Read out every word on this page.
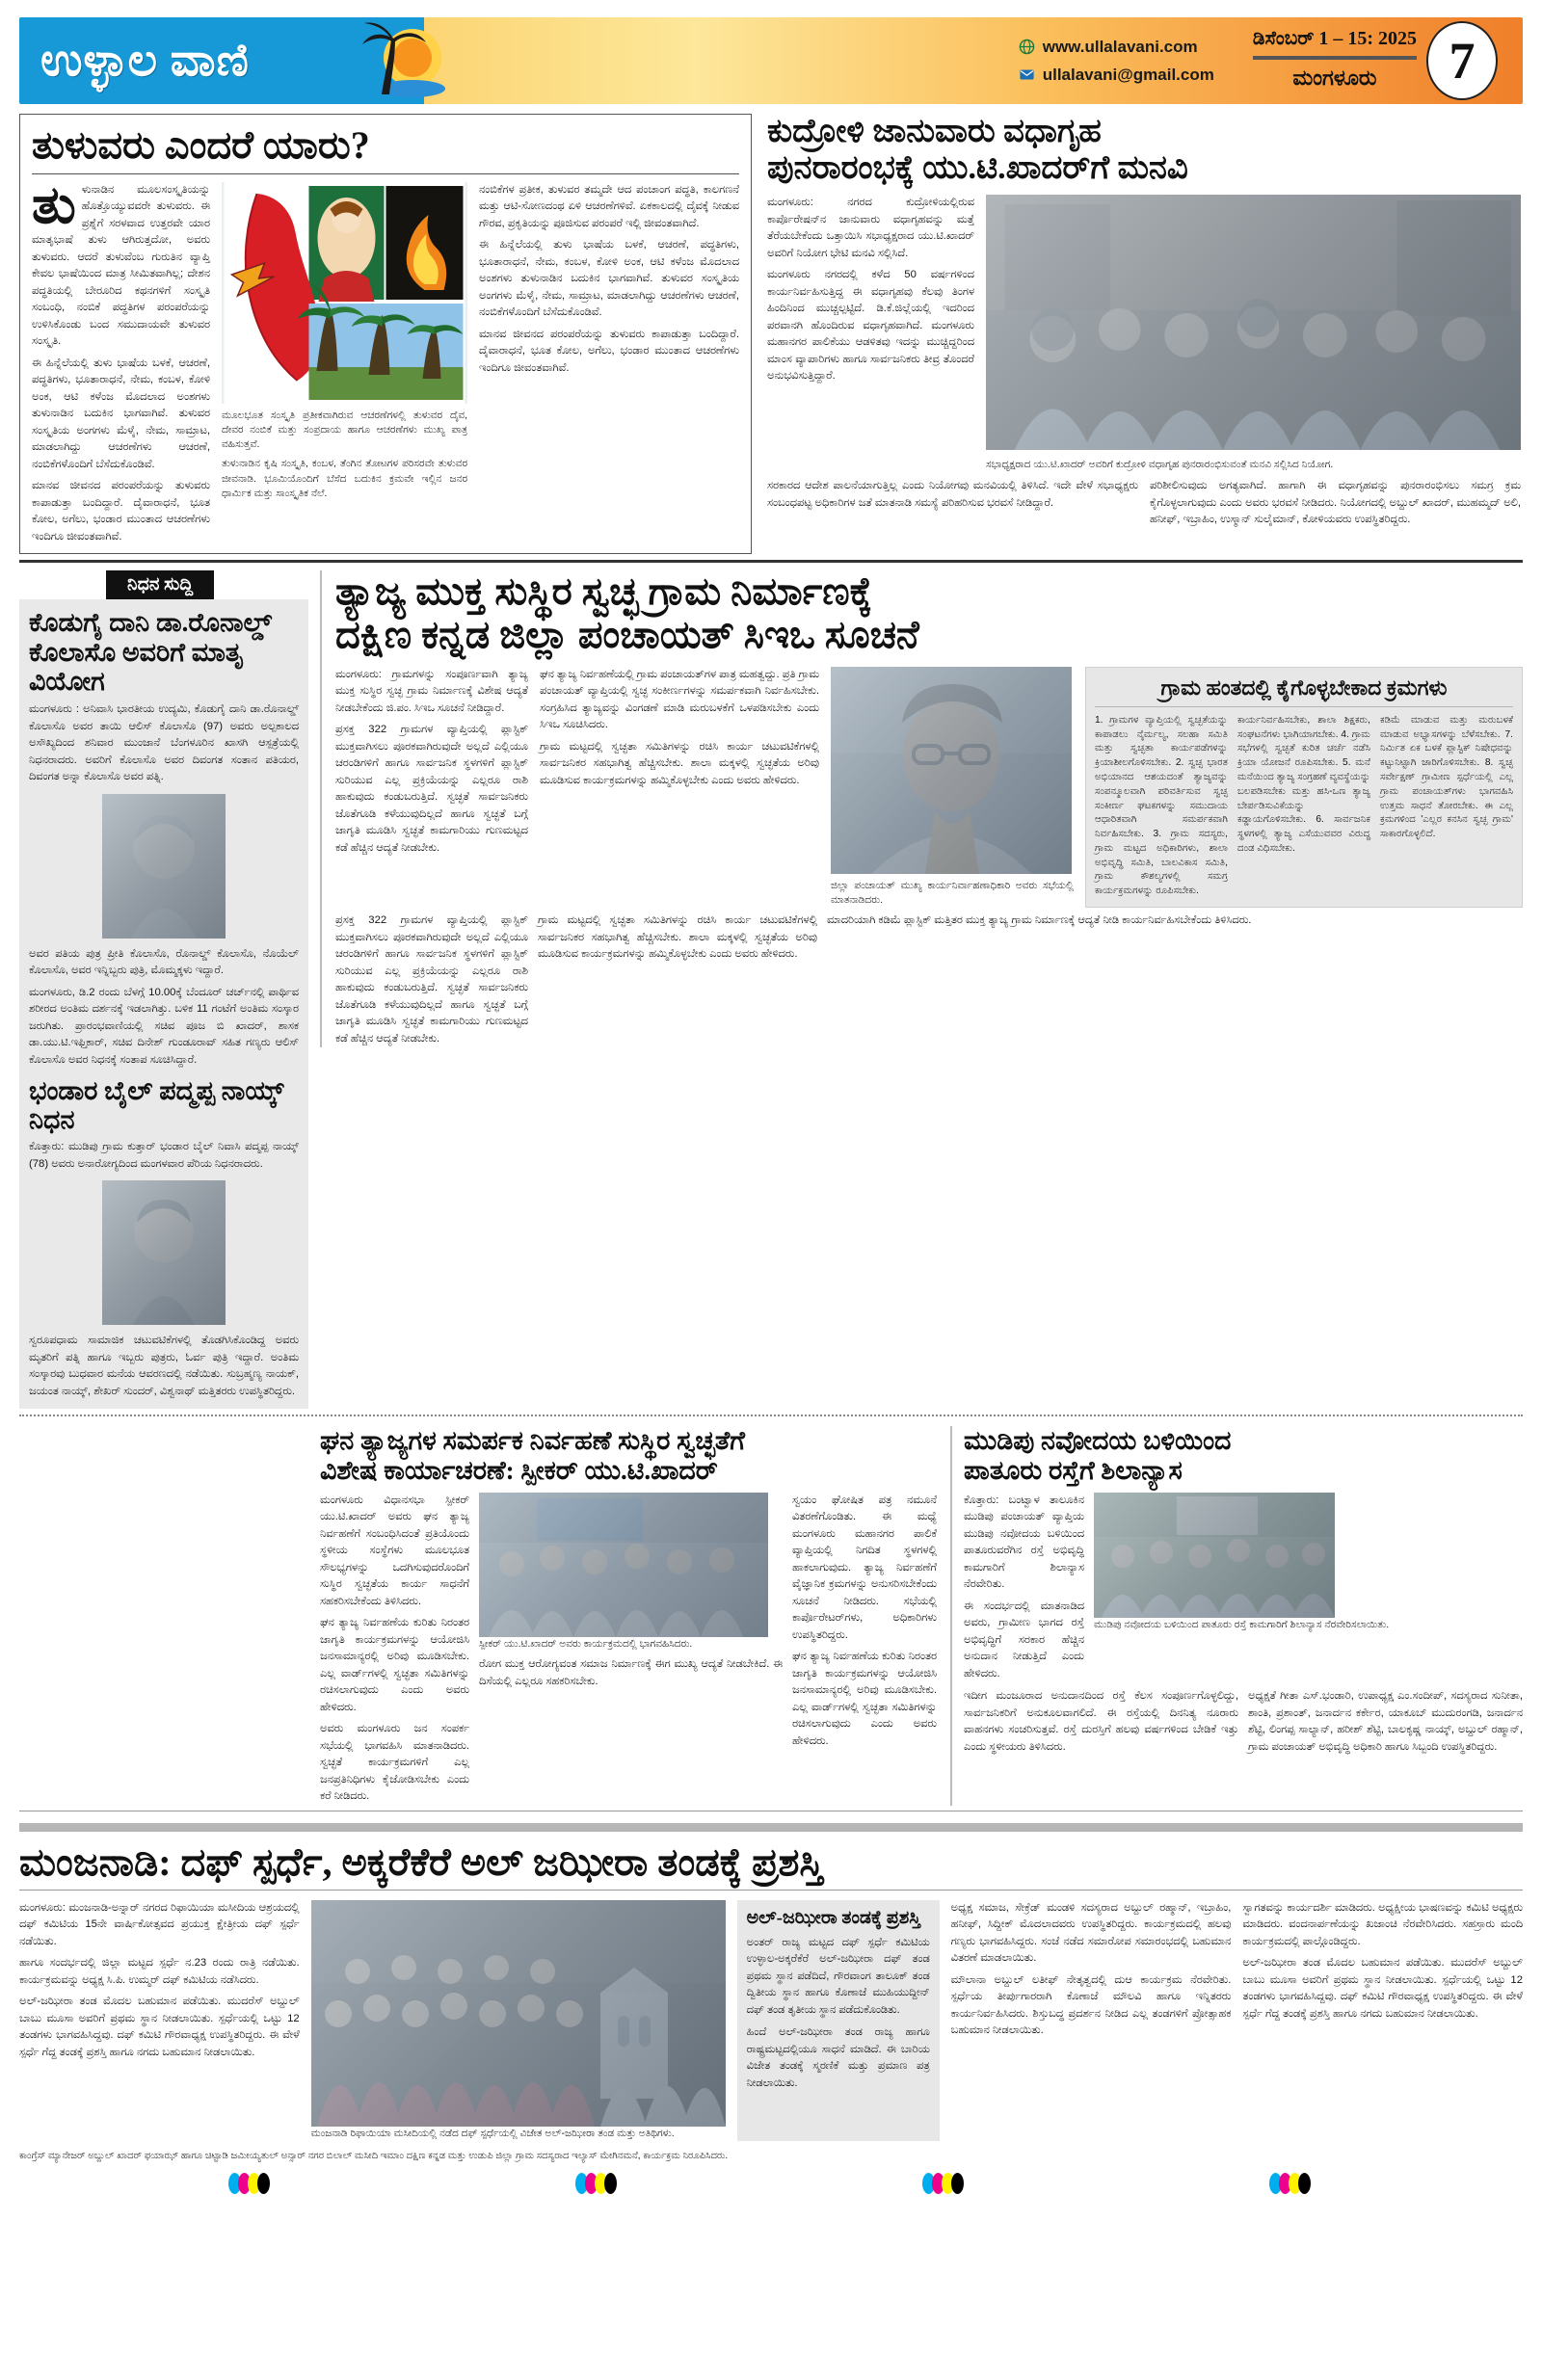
ಉಳ್ಳಾಲ ವಾಣಿ	www.ullalavani.com
ullalavani@gmail.com
ಡಿಸೆಂಬರ್ 1 – 15: 2025
ಮಂಗಳೂರು	7
ತುಳುವರು ಎಂದರೆ ಯಾರು?
ತುಳುನಾಡಿನ ಮೂಲಸಂಸ್ಕೃತಿಯನ್ನು ಹೊತ್ತೊಯ್ಯುವವರೇ ತುಳುವರು. ಈ ಪ್ರಶ್ನೆಗೆ ಸರಳವಾದ ಉತ್ತರವೇ ಯಾರ ಮಾತೃಭಾಷೆ ತುಳು ಆಗಿರುತ್ತದೋ, ಅವರು ತುಳುವರು. ಆದರೆ ತುಳುವೆಂಬ ಗುರುತಿನ ವ್ಯಾಪ್ತಿ ಕೇವಲ ಭಾಷೆಯಿಂದ ಮಾತ್ರ ಸೀಮಿತವಾಗಿಲ್ಲ; ದೇಶನ ಪದ್ಧತಿಯಲ್ಲಿ ಬೇರೂರಿದ ಕಥನಗಳಿಗೆ ಸಂಸ್ಕೃತಿ ಸಂಬಂಧಿ, ನಂಬಿಕೆ ಪದ್ಧತಿಗಳ ಪರಂಪರೆಯನ್ನು ಉಳಿಸಿಕೊಂಡು ಬಂದ ಸಮುದಾಯವೇ ತುಳುವರ ಸಂಸ್ಕೃತಿ.
ಈ ಹಿನ್ನೆಲೆಯಲ್ಲಿ ತುಳು ಭಾಷೆಯ ಬಳಕೆ, ಆಚರಣೆ, ಪದ್ಧತಿಗಳು, ಭೂತಾರಾಧನೆ, ನೇಮ, ಕಂಬಳ, ಕೋಳಿ ಅಂಕ, ಆಟಿ ಕಳೆಂಜ ಮೊದಲಾದ ಅಂಶಗಳು ತುಳುನಾಡಿನ ಬದುಕಿನ ಭಾಗವಾಗಿವೆ. ತುಳುವರ ಸಂಸ್ಕೃತಿಯ ಅಂಗಗಳು ಮೆಳೈ, ನೇಮ, ಸಾಮ್ರಾಟ, ಮಾಡಲಾಗಿದ್ದು ಆಚರಣೆಗಳು ಆಚರಣೆ, ನಂಬಿಕೆಗಳೊಂದಿಗೆ ಬೆಸೆದುಕೊಂಡಿವೆ.
ಮಾನವ ಜೀವನದ ಪರಂಪರೆಯನ್ನು ತುಳುವರು ಕಾಪಾಡುತ್ತಾ ಬಂದಿದ್ದಾರೆ. ದೈವಾರಾಧನೆ, ಭೂತ ಕೋಲ, ಅಗೆಲು, ಭಂಡಾರ ಮುಂತಾದ ಆಚರಣೆಗಳು ಇಂದಿಗೂ ಜೀವಂತವಾಗಿವೆ.
ಮೂಲಭೂತ ಸಂಸ್ಕೃತಿ ಪ್ರತೀಕವಾಗಿರುವ ಆಚರಣೆಗಳಲ್ಲಿ ತುಳುವರ ದೈವ, ದೇವರ ನಂಬಿಕೆ ಮತ್ತು ಸಂಪ್ರದಾಯ ಹಾಗೂ ಆಚರಣೆಗಳು ಮುಖ್ಯ ಪಾತ್ರ ವಹಿಸುತ್ತವೆ.
ತುಳುನಾಡಿನ ಕೃಷಿ ಸಂಸ್ಕೃತಿ, ಕಂಬಳ, ತೆಂಗಿನ ತೋಟಗಳ ಪರಿಸರವೇ ತುಳುವರ ಜೀವನಾಡಿ. ಭೂಮಿಯೊಂದಿಗೆ ಬೆಸೆದ ಬದುಕಿನ ಕ್ರಮವೇ ಇಲ್ಲಿನ ಜನರ ಧಾರ್ಮಿಕ ಮತ್ತು ಸಾಂಸ್ಕೃತಿಕ ನೆಲೆ.
ನಂಬಿಕೆಗಳ ಪ್ರತೀಕ, ತುಳುವರ ತಮ್ಮದೇ ಆದ ಪಂಚಾಂಗ ಪದ್ಧತಿ, ಕಾಲಗಣನೆ ಮತ್ತು ಆಟಿ-ಸೋಣದಂಥ ಏಳಿ ಆಚರಣೆಗಳಿವೆ. ಏಕಕಾಲದಲ್ಲಿ ದೈವಕ್ಕೆ ನೀಡುವ ಗೌರವ, ಪ್ರಕೃತಿಯನ್ನು ಪೂಜಿಸುವ ಪರಂಪರೆ ಇಲ್ಲಿ ಜೀವಂತವಾಗಿದೆ.
ಈ ಹಿನ್ನೆಲೆಯಲ್ಲಿ ತುಳು ಭಾಷೆಯ ಬಳಕೆ, ಆಚರಣೆ, ಪದ್ಧತಿಗಳು, ಭೂತಾರಾಧನೆ, ನೇಮ, ಕಂಬಳ, ಕೋಳಿ ಅಂಕ, ಆಟಿ ಕಳೆಂಜ ಮೊದಲಾದ ಅಂಶಗಳು ತುಳುನಾಡಿನ ಬದುಕಿನ ಭಾಗವಾಗಿವೆ. ತುಳುವರ ಸಂಸ್ಕೃತಿಯ ಅಂಗಗಳು ಮೆಳೈ, ನೇಮ, ಸಾಮ್ರಾಟ, ಮಾಡಲಾಗಿದ್ದು ಆಚರಣೆಗಳು ಆಚರಣೆ, ನಂಬಿಕೆಗಳೊಂದಿಗೆ ಬೆಸೆದುಕೊಂಡಿವೆ.
ಮಾನವ ಜೀವನದ ಪರಂಪರೆಯನ್ನು ತುಳುವರು ಕಾಪಾಡುತ್ತಾ ಬಂದಿದ್ದಾರೆ. ದೈವಾರಾಧನೆ, ಭೂತ ಕೋಲ, ಅಗೆಲು, ಭಂಡಾರ ಮುಂತಾದ ಆಚರಣೆಗಳು ಇಂದಿಗೂ ಜೀವಂತವಾಗಿವೆ.
ಕುದ್ರೋಳಿ ಜಾನುವಾರು ವಧಾಗೃಹ
ಪುನರಾರಂಭಕ್ಕೆ ಯು.ಟಿ.ಖಾದರ್‌ಗೆ ಮನವಿ
ಮಂಗಳೂರು: ನಗರದ ಕುದ್ರೋಳಿಯಲ್ಲಿರುವ ಕಾರ್ಪೊರೇಷನ್‌ನ ಜಾನುವಾರು ವಧಾಗೃಹವನ್ನು ಮತ್ತೆ ತೆರೆಯಬೇಕೆಂದು ಒತ್ತಾಯಿಸಿ ಸಭಾಧ್ಯಕ್ಷರಾದ ಯು.ಟಿ.ಖಾದರ್ ಅವರಿಗೆ ನಿಯೋಗ ಭೇಟಿ ಮನವಿ ಸಲ್ಲಿಸಿದೆ.
ಮಂಗಳೂರು ನಗರದಲ್ಲಿ ಕಳೆದ 50 ವರ್ಷಗಳಿಂದ ಕಾರ್ಯನಿರ್ವಹಿಸುತ್ತಿದ್ದ ಈ ವಧಾಗೃಹವು ಕೆಲವು ತಿಂಗಳ ಹಿಂದಿನಿಂದ ಮುಚ್ಚಲ್ಪಟ್ಟಿದೆ. ಡಿ.ಕೆ.ಜಿಲ್ಲೆಯಲ್ಲಿ ಇದರಿಂದ ಪರವಾನಗಿ ಹೊಂದಿರುವ ವಧಾಗೃಹವಾಗಿದೆ. ಮಂಗಳೂರು ಮಹಾನಗರ ಪಾಲಿಕೆಯು ಆಡಳಿತವು ಇದನ್ನು ಮುಚ್ಚಿದ್ದರಿಂದ ಮಾಂಸ ವ್ಯಾಪಾರಿಗಳು ಹಾಗೂ ಸಾರ್ವಜನಿಕರು ತೀವ್ರ ತೊಂದರೆ ಅನುಭವಿಸುತ್ತಿದ್ದಾರೆ.
ಸಭಾಧ್ಯಕ್ಷರಾದ ಯು.ಟಿ.ಖಾದರ್ ಅವರಿಗೆ ಕುದ್ರೋಳಿ ವಧಾಗೃಹ ಪುನರಾರಂಭಿಸುವಂತೆ ಮನವಿ ಸಲ್ಲಿಸಿದ ನಿಯೋಗ.
ಸರಕಾರದ ಆದೇಶ ಪಾಲನೆಯಾಗುತ್ತಿಲ್ಲ ಎಂದು ನಿಯೋಗವು ಮನವಿಯಲ್ಲಿ ತಿಳಿಸಿದೆ. ಇದೇ ವೇಳೆ ಸಭಾಧ್ಯಕ್ಷರು ಸಂಬಂಧಪಟ್ಟ ಅಧಿಕಾರಿಗಳ ಜತೆ ಮಾತನಾಡಿ ಸಮಸ್ಯೆ ಪರಿಹರಿಸುವ ಭರವಸೆ ನೀಡಿದ್ದಾರೆ.
ಪರಿಶೀಲಿಸುವುದು ಅಗತ್ಯವಾಗಿದೆ. ಹಾಗಾಗಿ ಈ ವಧಾಗೃಹವನ್ನು ಪುನರಾರಂಭಿಸಲು ಸಮಗ್ರ ಕ್ರಮ ಕೈಗೊಳ್ಳಲಾಗುವುದು ಎಂದು ಅವರು ಭರವಸೆ ನೀಡಿದರು. ನಿಯೋಗದಲ್ಲಿ ಅಬ್ದುಲ್ ಖಾದರ್, ಮುಹಮ್ಮದ್ ಅಲಿ, ಹನೀಫ್, ಇಬ್ರಾಹಿಂ, ಉಸ್ಮಾನ್ ಸುಲೈಮಾನ್, ಕೋಳಿಯವರು ಉಪಸ್ಥಿತರಿದ್ದರು.
ನಿಧನ ಸುದ್ದಿ
ಕೊಡುಗೈ ದಾನಿ ಡಾ.ರೊನಾಲ್ಡ್ ಕೊಲಾಸೊ ಅವರಿಗೆ ಮಾತೃ ವಿಯೋಗ
ಮಂಗಳೂರು : ಅನಿವಾಸಿ ಭಾರತೀಯ ಉದ್ಯಮಿ, ಕೊಡುಗೈ ದಾನಿ ಡಾ.ರೊನಾಲ್ಡ್ ಕೊಲಾಸೊ ಅವರ ತಾಯಿ ಆಲಿಸ್ ಕೊಲಾಸೊ (97) ಅವರು ಅಲ್ಪಕಾಲದ ಅಸೌಖ್ಯದಿಂದ ಶನಿವಾರ ಮುಂಜಾನೆ ಬೆಂಗಳೂರಿನ ಖಾಸಗಿ ಆಸ್ಪತ್ರೆಯಲ್ಲಿ ನಿಧನರಾದರು. ಅವರಿಗೆ ಕೊಲಾಸೊ ಅವರ ದಿವಂಗತ ಸಂತಾನ ಪತಿಯರ, ದಿವಂಗತ ಅನ್ನಾ ಕೊಲಾಸೊ ಅವರ ಪತ್ನಿ.
ಅವರ ಪತಿಯ ಪುತ್ರ ಪ್ರೀತಿ ಕೊಲಾಸೊ, ರೊನಾಲ್ಡ್ ಕೊಲಾಸೊ, ನೊಯೆಲ್ ಕೊಲಾಸೊ, ಅವರ ಇನ್ನಿಬ್ಬರು ಪುತ್ರಿ, ಮೊಮ್ಮಕ್ಕಳು ಇದ್ದಾರೆ.
ಮಂಗಳೂರು, ಡಿ.2 ರಂದು ಬೆಳಗ್ಗೆ 10.00ಕ್ಕೆ ಬೆಂದೂರ್ ಚರ್ಚ್‌ನಲ್ಲಿ ಪಾರ್ಥಿವ ಶರೀರದ ಅಂತಿಮ ದರ್ಶನಕ್ಕೆ ಇಡಲಾಗಿತ್ತು. ಬಳಿಕ 11 ಗಂಟೆಗೆ ಅಂತಿಮ ಸಂಸ್ಕಾರ ಜರುಗಿತು. ಪ್ರಾರಂಭವಾಣಿಯಲ್ಲಿ ಸಚಿವ ಪೂಜ ಬಿ ಖಾದರ್, ಶಾಸಕ ಡಾ.ಯು.ಟಿ.ಇಫ್ತಿಕಾರ್, ಸಚಿವ ದಿನೇಶ್ ಗುಂಡೂರಾವ್ ಸಹಿತ ಗಣ್ಯರು ಆಲಿಸ್ ಕೊಲಾಸೊ ಅವರ ನಿಧನಕ್ಕೆ ಸಂತಾಪ ಸೂಚಿಸಿದ್ದಾರೆ.
ಭಂಡಾರ ಬೈಲ್ ಪದ್ಮಪ್ಪ ನಾಯ್ಕ್ ನಿಧನ
ಕೊತ್ತಾರು: ಮುಡಿಪು ಗ್ರಾಮ ಕುತ್ತಾರ್ ಭಂಡಾರ ಬೈಲ್ ನಿವಾಸಿ ಪದ್ಮಪ್ಪ ನಾಯ್ಕ್ (78) ಅವರು ಅನಾರೋಗ್ಯದಿಂದ ಮಂಗಳವಾರ ಪೆರಿಯ ನಿಧನರಾದರು.
ಸ್ವರೂಪಧಾಮ ಸಾಮಾಜಿಕ ಚಟುವಟಿಕೆಗಳಲ್ಲಿ ತೊಡಗಿಸಿಕೊಂಡಿದ್ದ ಅವರು ಮೃತರಿಗೆ ಪತ್ನಿ ಹಾಗೂ ಇಬ್ಬರು ಪುತ್ರರು, ಓರ್ವ ಪುತ್ರಿ ಇದ್ದಾರೆ. ಅಂತಿಮ ಸಂಸ್ಕಾರವು ಬುಧವಾರ ಮನೆಯ ಆವರಣದಲ್ಲಿ ನಡೆಯಿತು. ಸುಬ್ರಹ್ಮಣ್ಯ ನಾಯಕ್, ಜಯಂತ ನಾಯ್ಕ್, ಶೇಖರ್ ಸುಂದರ್, ವಿಶ್ವನಾಥ್ ಮತ್ತಿತರರು ಉಪಸ್ಥಿತರಿದ್ದರು.
ತ್ಯಾಜ್ಯ ಮುಕ್ತ ಸುಸ್ಥಿರ ಸ್ವಚ್ಛ ಗ್ರಾಮ ನಿರ್ಮಾಣಕ್ಕೆ
ದಕ್ಷಿಣ ಕನ್ನಡ ಜಿಲ್ಲಾ ಪಂಚಾಯತ್ ಸಿಇಒ ಸೂಚನೆ
ಮಂಗಳೂರು: ಗ್ರಾಮಗಳನ್ನು ಸಂಪೂರ್ಣವಾಗಿ ತ್ಯಾಜ್ಯ ಮುಕ್ತ ಸುಸ್ಥಿರ ಸ್ವಚ್ಛ ಗ್ರಾಮ ನಿರ್ಮಾಣಕ್ಕೆ ವಿಶೇಷ ಆದ್ಯತೆ ನೀಡಬೇಕೆಂದು ಜಿ.ಪಂ. ಸಿಇಒ ಸೂಚನೆ ನೀಡಿದ್ದಾರೆ.
ಪ್ರಸಕ್ತ 322 ಗ್ರಾಮಗಳ ವ್ಯಾಪ್ತಿಯಲ್ಲಿ ಪ್ಲಾಸ್ಟಿಕ್ ಮುಕ್ತವಾಗಿಸಲು ಪೂರಕವಾಗಿರುವುದೇ ಅಲ್ಲದೆ ಎಲ್ಲಿಯೂ ಚರಂಡಿಗಳಿಗೆ ಹಾಗೂ ಸಾರ್ವಜನಿಕ ಸ್ಥಳಗಳಿಗೆ ಪ್ಲಾಸ್ಟಿಕ್ ಸುರಿಯುವ ಎಲ್ಲ ಪ್ರಕ್ರಿಯೆಯನ್ನು ಎಲ್ಲರೂ ರಾಶಿ ಹಾಕುವುದು ಕಂಡುಬರುತ್ತಿದೆ. ಸ್ವಚ್ಛತೆ ಸಾರ್ವಜನಿಕರು ಜೊತೆಗೂಡಿ ಕಳೆಯುವುದಿಲ್ಲದೆ ಹಾಗೂ ಸ್ವಚ್ಛತೆ ಬಗ್ಗೆ ಜಾಗೃತಿ ಮೂಡಿಸಿ ಸ್ವಚ್ಛತೆ ಕಾಮಗಾರಿಯು ಗುಣಮಟ್ಟದ ಕಡೆ ಹೆಚ್ಚಿನ ಆದ್ಯತೆ ನೀಡಬೇಕು.
ಘನ ತ್ಯಾಜ್ಯ ನಿರ್ವಹಣೆಯಲ್ಲಿ ಗ್ರಾಮ ಪಂಚಾಯತ್‌ಗಳ ಪಾತ್ರ ಮಹತ್ವದ್ದು. ಪ್ರತಿ ಗ್ರಾಮ ಪಂಚಾಯತ್ ವ್ಯಾಪ್ತಿಯಲ್ಲಿ ಸ್ವಚ್ಛ ಸಂಕೀರ್ಣಗಳನ್ನು ಸಮರ್ಪಕವಾಗಿ ನಿರ್ವಹಿಸಬೇಕು. ಸಂಗ್ರಹಿಸಿದ ತ್ಯಾಜ್ಯವನ್ನು ವಿಂಗಡಣೆ ಮಾಡಿ ಮರುಬಳಕೆಗೆ ಒಳಪಡಿಸಬೇಕು ಎಂದು ಸಿಇಒ ಸೂಚಿಸಿದರು.
ಗ್ರಾಮ ಮಟ್ಟದಲ್ಲಿ ಸ್ವಚ್ಛತಾ ಸಮಿತಿಗಳನ್ನು ರಚಿಸಿ ಕಾರ್ಯ ಚಟುವಟಿಕೆಗಳಲ್ಲಿ ಸಾರ್ವಜನಿಕರ ಸಹಭಾಗಿತ್ವ ಹೆಚ್ಚಿಸಬೇಕು. ಶಾಲಾ ಮಕ್ಕಳಲ್ಲಿ ಸ್ವಚ್ಛತೆಯ ಅರಿವು ಮೂಡಿಸುವ ಕಾರ್ಯಕ್ರಮಗಳನ್ನು ಹಮ್ಮಿಕೊಳ್ಳಬೇಕು ಎಂದು ಅವರು ಹೇಳಿದರು.
ಜಿಲ್ಲಾ ಪಂಚಾಯತ್ ಮುಖ್ಯ ಕಾರ್ಯನಿರ್ವಾಹಣಾಧಿಕಾರಿ ಅವರು ಸಭೆಯಲ್ಲಿ ಮಾತನಾಡಿದರು.
ಗ್ರಾಮ ಹಂತದಲ್ಲಿ ಕೈಗೊಳ್ಳಬೇಕಾದ ಕ್ರಮಗಳು
1. ಗ್ರಾಮಗಳ ವ್ಯಾಪ್ತಿಯಲ್ಲಿ ಸ್ವಚ್ಛತೆಯನ್ನು ಕಾಪಾಡಲು ನೈರ್ಮಲ್ಯ, ಸಲಹಾ ಸಮಿತಿ ಮತ್ತು ಸ್ವಚ್ಛತಾ ಕಾರ್ಯಪಡೆಗಳನ್ನು ಕ್ರಿಯಾಶೀಲಗೊಳಿಸಬೇಕು. 2. ಸ್ವಚ್ಛ ಭಾರತ ಅಭಿಯಾನದ ಆಶಯದಂತೆ ತ್ಯಾಜ್ಯವನ್ನು ಸಂಪನ್ಮೂಲವಾಗಿ ಪರಿವರ್ತಿಸುವ ಸ್ವಚ್ಛ ಸಂಕೀರ್ಣ ಘಟಕಗಳನ್ನು ಸಮುದಾಯ ಆಧಾರಿತವಾಗಿ ಸಮರ್ಪಕವಾಗಿ ನಿರ್ವಹಿಸಬೇಕು. 3. ಗ್ರಾಮ ಸದಸ್ಯರು, ಗ್ರಾಮ ಮಟ್ಟದ ಅಧಿಕಾರಿಗಳು, ಶಾಲಾ ಅಭಿವೃದ್ಧಿ ಸಮಿತಿ, ಬಾಲವಿಕಾಸ ಸಮಿತಿ, ಗ್ರಾಮ ಕೌಶಲ್ಯಗಳಲ್ಲಿ ಸಮಗ್ರ ಕಾರ್ಯಕ್ರಮಗಳನ್ನು ರೂಪಿಸಬೇಕು.
ಕಾರ್ಯನಿರ್ವಹಿಸಬೇಕು, ಶಾಲಾ ಶಿಕ್ಷಕರು, ಸಂಘಟನೆಗಳು ಭಾಗಿಯಾಗಬೇಕು. 4. ಗ್ರಾಮ ಸಭೆಗಳಲ್ಲಿ ಸ್ವಚ್ಛತೆ ಕುರಿತ ಚರ್ಚೆ ನಡೆಸಿ ಕ್ರಿಯಾ ಯೋಜನೆ ರೂಪಿಸಬೇಕು. 5. ಮನೆ ಮನೆಯಿಂದ ತ್ಯಾಜ್ಯ ಸಂಗ್ರಹಣೆ ವ್ಯವಸ್ಥೆಯನ್ನು ಬಲಪಡಿಸಬೇಕು ಮತ್ತು ಹಸಿ-ಒಣ ತ್ಯಾಜ್ಯ ಬೇರ್ಪಡಿಸುವಿಕೆಯನ್ನು ಕಡ್ಡಾಯಗೊಳಿಸಬೇಕು. 6. ಸಾರ್ವಜನಿಕ ಸ್ಥಳಗಳಲ್ಲಿ ತ್ಯಾಜ್ಯ ಎಸೆಯುವವರ ವಿರುದ್ಧ ದಂಡ ವಿಧಿಸಬೇಕು.
ಕಡಿಮೆ ಮಾಡುವ ಮತ್ತು ಮರುಬಳಕೆ ಮಾಡುವ ಅಭ್ಯಾಸಗಳನ್ನು ಬೆಳೆಸಬೇಕು. 7. ನಿರ್ಮಿತ ಏಕ ಬಳಕೆ ಪ್ಲಾಸ್ಟಿಕ್ ನಿಷೇಧವನ್ನು ಕಟ್ಟುನಿಟ್ಟಾಗಿ ಜಾರಿಗೊಳಿಸಬೇಕು. 8. ಸ್ವಚ್ಛ ಸರ್ವೇಕ್ಷಣ್ ಗ್ರಾಮೀಣ ಸ್ಪರ್ಧೆಯಲ್ಲಿ ಎಲ್ಲ ಗ್ರಾಮ ಪಂಚಾಯತ್‌ಗಳು ಭಾಗವಹಿಸಿ ಉತ್ತಮ ಸಾಧನೆ ತೋರಬೇಕು. ಈ ಎಲ್ಲ ಕ್ರಮಗಳಿಂದ 'ಎಲ್ಲರ ಕನಸಿನ ಸ್ವಚ್ಛ ಗ್ರಾಮ' ಸಾಕಾರಗೊಳ್ಳಲಿದೆ.
ಪ್ರಸಕ್ತ 322 ಗ್ರಾಮಗಳ ವ್ಯಾಪ್ತಿಯಲ್ಲಿ ಪ್ಲಾಸ್ಟಿಕ್ ಮುಕ್ತವಾಗಿಸಲು ಪೂರಕವಾಗಿರುವುದೇ ಅಲ್ಲದೆ ಎಲ್ಲಿಯೂ ಚರಂಡಿಗಳಿಗೆ ಹಾಗೂ ಸಾರ್ವಜನಿಕ ಸ್ಥಳಗಳಿಗೆ ಪ್ಲಾಸ್ಟಿಕ್ ಸುರಿಯುವ ಎಲ್ಲ ಪ್ರಕ್ರಿಯೆಯನ್ನು ಎಲ್ಲರೂ ರಾಶಿ ಹಾಕುವುದು ಕಂಡುಬರುತ್ತಿದೆ. ಸ್ವಚ್ಛತೆ ಸಾರ್ವಜನಿಕರು ಜೊತೆಗೂಡಿ ಕಳೆಯುವುದಿಲ್ಲದೆ ಹಾಗೂ ಸ್ವಚ್ಛತೆ ಬಗ್ಗೆ ಜಾಗೃತಿ ಮೂಡಿಸಿ ಸ್ವಚ್ಛತೆ ಕಾಮಗಾರಿಯು ಗುಣಮಟ್ಟದ ಕಡೆ ಹೆಚ್ಚಿನ ಆದ್ಯತೆ ನೀಡಬೇಕು.
ಗ್ರಾಮ ಮಟ್ಟದಲ್ಲಿ ಸ್ವಚ್ಛತಾ ಸಮಿತಿಗಳನ್ನು ರಚಿಸಿ ಕಾರ್ಯ ಚಟುವಟಿಕೆಗಳಲ್ಲಿ ಸಾರ್ವಜನಿಕರ ಸಹಭಾಗಿತ್ವ ಹೆಚ್ಚಿಸಬೇಕು. ಶಾಲಾ ಮಕ್ಕಳಲ್ಲಿ ಸ್ವಚ್ಛತೆಯ ಅರಿವು ಮೂಡಿಸುವ ಕಾರ್ಯಕ್ರಮಗಳನ್ನು ಹಮ್ಮಿಕೊಳ್ಳಬೇಕು ಎಂದು ಅವರು ಹೇಳಿದರು.
ಮಾದರಿಯಾಗಿ ಕಡಿಮೆ ಪ್ಲಾಸ್ಟಿಕ್ ಮತ್ತಿತರ ಮುಕ್ತ ತ್ಯಾಜ್ಯ ಗ್ರಾಮ ನಿರ್ಮಾಣಕ್ಕೆ ಆದ್ಯತೆ ನೀಡಿ ಕಾರ್ಯನಿರ್ವಹಿಸಬೇಕೆಂದು ತಿಳಿಸಿದರು.
ಘನ ತ್ಯಾಜ್ಯಗಳ ಸಮರ್ಪಕ ನಿರ್ವಹಣೆ ಸುಸ್ಥಿರ ಸ್ವಚ್ಛತೆಗೆ
ವಿಶೇಷ ಕಾರ್ಯಾಚರಣೆ: ಸ್ಪೀಕರ್ ಯು.ಟಿ.ಖಾದರ್
ಮಂಗಳೂರು ವಿಧಾನಸಭಾ ಸ್ಪೀಕರ್ ಯು.ಟಿ.ಖಾದರ್ ಅವರು ಘನ ತ್ಯಾಜ್ಯ ನಿರ್ವಹಣೆಗೆ ಸಂಬಂಧಿಸಿದಂತೆ ಪ್ರತಿಯೊಂದು ಸ್ಥಳೀಯ ಸಂಸ್ಥೆಗಳು ಮೂಲಭೂತ ಸೌಲಭ್ಯಗಳನ್ನು ಒದಗಿಸುವುದರೊಂದಿಗೆ ಸುಸ್ಥಿರ ಸ್ವಚ್ಛತೆಯ ಕಾರ್ಯ ಸಾಧನೆಗೆ ಸಹಕರಿಸಬೇಕೆಂದು ತಿಳಿಸಿದರು.
ಘನ ತ್ಯಾಜ್ಯ ನಿರ್ವಹಣೆಯ ಕುರಿತು ನಿರಂತರ ಜಾಗೃತಿ ಕಾರ್ಯಕ್ರಮಗಳನ್ನು ಆಯೋಜಿಸಿ ಜನಸಾಮಾನ್ಯರಲ್ಲಿ ಅರಿವು ಮೂಡಿಸಬೇಕು. ಎಲ್ಲ ವಾರ್ಡ್‌ಗಳಲ್ಲಿ ಸ್ವಚ್ಛತಾ ಸಮಿತಿಗಳನ್ನು ರಚಿಸಲಾಗುವುದು ಎಂದು ಅವರು ಹೇಳಿದರು.
ಅವರು ಮಂಗಳೂರು ಜನ ಸಂಪರ್ಕ ಸಭೆಯಲ್ಲಿ ಭಾಗವಹಿಸಿ ಮಾತನಾಡಿದರು. ಸ್ವಚ್ಛತೆ ಕಾರ್ಯಕ್ರಮಗಳಿಗೆ ಎಲ್ಲ ಜನಪ್ರತಿನಿಧಿಗಳು ಕೈಜೋಡಿಸಬೇಕು ಎಂದು ಕರೆ ನೀಡಿದರು.
ಸ್ಪೀಕರ್ ಯು.ಟಿ.ಖಾದರ್ ಅವರು ಕಾರ್ಯಕ್ರಮದಲ್ಲಿ ಭಾಗವಹಿಸಿದರು.
ರೋಗ ಮುಕ್ತ ಆರೋಗ್ಯವಂತ ಸಮಾಜ ನಿರ್ಮಾಣಕ್ಕೆ ಈಗ ಮುಖ್ಯ ಆದ್ಯತೆ ನೀಡಬೇಕಿದೆ. ಈ ದಿಸೆಯಲ್ಲಿ ಎಲ್ಲರೂ ಸಹಕರಿಸಬೇಕು.
ಸ್ವಯಂ ಘೋಷಿತ ಪತ್ರ ನಮೂನೆ ವಿತರಣೆಗೊಂಡಿತು. ಈ ಮಧ್ಯೆ ಮಂಗಳೂರು ಮಹಾನಗರ ಪಾಲಿಕೆ ವ್ಯಾಪ್ತಿಯಲ್ಲಿ ನಿಗದಿತ ಸ್ಥಳಗಳಲ್ಲಿ ಹಾಕಲಾಗುವುದು. ತ್ಯಾಜ್ಯ ನಿರ್ವಹಣೆಗೆ ವೈಜ್ಞಾನಿಕ ಕ್ರಮಗಳನ್ನು ಅನುಸರಿಸಬೇಕೆಂದು ಸೂಚನೆ ನೀಡಿದರು. ಸಭೆಯಲ್ಲಿ ಕಾರ್ಪೊರೇಟರ್‌ಗಳು, ಅಧಿಕಾರಿಗಳು ಉಪಸ್ಥಿತರಿದ್ದರು.
ಘನ ತ್ಯಾಜ್ಯ ನಿರ್ವಹಣೆಯ ಕುರಿತು ನಿರಂತರ ಜಾಗೃತಿ ಕಾರ್ಯಕ್ರಮಗಳನ್ನು ಆಯೋಜಿಸಿ ಜನಸಾಮಾನ್ಯರಲ್ಲಿ ಅರಿವು ಮೂಡಿಸಬೇಕು. ಎಲ್ಲ ವಾರ್ಡ್‌ಗಳಲ್ಲಿ ಸ್ವಚ್ಛತಾ ಸಮಿತಿಗಳನ್ನು ರಚಿಸಲಾಗುವುದು ಎಂದು ಅವರು ಹೇಳಿದರು.
ಮುಡಿಪು ನವೋದಯ ಬಳಿಯಿಂದ
ಪಾತೂರು ರಸ್ತೆಗೆ ಶಿಲಾನ್ಯಾಸ
ಕೊತ್ತಾರು: ಬಂಟ್ವಾಳ ತಾಲೂಕಿನ ಮುಡಿಪು ಪಂಚಾಯತ್ ವ್ಯಾಪ್ತಿಯ ಮುಡಿಪು ನವೋದಯ ಬಳಿಯಿಂದ ಪಾತೂರುವರೆಗಿನ ರಸ್ತೆ ಅಭಿವೃದ್ಧಿ ಕಾಮಗಾರಿಗೆ ಶಿಲಾನ್ಯಾಸ ನೆರವೇರಿತು.
ಈ ಸಂದರ್ಭದಲ್ಲಿ ಮಾತನಾಡಿದ ಅವರು, ಗ್ರಾಮೀಣ ಭಾಗದ ರಸ್ತೆ ಅಭಿವೃದ್ಧಿಗೆ ಸರಕಾರ ಹೆಚ್ಚಿನ ಅನುದಾನ ನೀಡುತ್ತಿದೆ ಎಂದು ಹೇಳಿದರು.
ಮುಡಿಪು ನವೋದಯ ಬಳಿಯಿಂದ ಪಾತೂರು ರಸ್ತೆ ಕಾಮಗಾರಿಗೆ ಶಿಲಾನ್ಯಾಸ ನೆರವೇರಿಸಲಾಯಿತು.
ಇದೀಗ ಮಂಜೂರಾದ ಅನುದಾನದಿಂದ ರಸ್ತೆ ಕೆಲಸ ಸಂಪೂರ್ಣಗೊಳ್ಳಲಿದ್ದು, ಸಾರ್ವಜನಿಕರಿಗೆ ಅನುಕೂಲವಾಗಲಿದೆ. ಈ ರಸ್ತೆಯಲ್ಲಿ ದಿನನಿತ್ಯ ನೂರಾರು ವಾಹನಗಳು ಸಂಚರಿಸುತ್ತವೆ. ರಸ್ತೆ ದುರಸ್ತಿಗೆ ಹಲವು ವರ್ಷಗಳಿಂದ ಬೇಡಿಕೆ ಇತ್ತು ಎಂದು ಸ್ಥಳೀಯರು ತಿಳಿಸಿದರು.
ಅಧ್ಯಕ್ಷತೆ ಗೀತಾ ಎಸ್.ಭಂಡಾರಿ, ಉಪಾಧ್ಯಕ್ಷ ಎಂ.ಸಂದೀಪ್, ಸದಸ್ಯರಾದ ಸುನೀತಾ, ಶಾಂತಿ, ಪ್ರಶಾಂತ್, ಜನಾರ್ದನ ಕರ್ಕೇರ, ಯಾಕೂಬ್ ಮುದುರಂಗಡಿ, ಜನಾರ್ದನ ಶೆಟ್ಟಿ, ಲಿಂಗಪ್ಪ ಸಾಲ್ಯಾನ್, ಹರೀಶ್ ಶೆಟ್ಟಿ, ಬಾಲಕೃಷ್ಣ ನಾಯ್ಕ್, ಅಬ್ದುಲ್ ರಹ್ಮಾನ್, ಗ್ರಾಮ ಪಂಚಾಯತ್ ಅಭಿವೃದ್ಧಿ ಅಧಿಕಾರಿ ಹಾಗೂ ಸಿಬ್ಬಂದಿ ಉಪಸ್ಥಿತರಿದ್ದರು.
ಮಂಜನಾಡಿ: ದಫ್ ಸ್ಪರ್ಧೆ, ಅಕ್ಕರೆಕೆರೆ ಅಲ್ ಜಝೀರಾ ತಂಡಕ್ಕೆ ಪ್ರಶಸ್ತಿ
ಮಂಗಳೂರು: ಮಂಜನಾಡಿ-ಅನ್ನಾರ್ ನಗರದ ರಿಫಾಯಿಯಾ ಮಸೀದಿಯ ಆಶ್ರಯದಲ್ಲಿ ದಫ್ ಕಮಿಟಿಯ 15ನೇ ವಾರ್ಷಿಕೋತ್ಸವದ ಪ್ರಯುಕ್ತ ಕ್ಷೇತ್ರೀಯ ದಫ್ ಸ್ಪರ್ಧೆ ನಡೆಯಿತು.
ಹಾಗೂ ಸಂದರ್ಭದಲ್ಲಿ ಜಿಲ್ಲಾ ಮಟ್ಟದ ಸ್ಪರ್ಧೆ ನ.23 ರಂದು ರಾತ್ರಿ ನಡೆಯಿತು. ಕಾರ್ಯಕ್ರಮವನ್ನು ಅಧ್ಯಕ್ಷ ಸಿ.ಪಿ. ಉಮ್ಮರ್ ದಫ್ ಕಮಿಟಿಯ ನಡೆಸಿದರು.
ಅಲ್-ಜಝೀರಾ ತಂಡ ಮೊದಲ ಬಹುಮಾನ ಪಡೆಯಿತು. ಮುದರೆಸ್ ಅಬ್ದುಲ್ ಬಾಬು ಮೂಸಾ ಅವರಿಗೆ ಪ್ರಥಮ ಸ್ಥಾನ ನೀಡಲಾಯಿತು. ಸ್ಪರ್ಧೆಯಲ್ಲಿ ಒಟ್ಟು 12 ತಂಡಗಳು ಭಾಗವಹಿಸಿದ್ದವು. ದಫ್ ಕಮಿಟಿ ಗೌರವಾಧ್ಯಕ್ಷ ಉಪಸ್ಥಿತರಿದ್ದರು. ಈ ವೇಳೆ ಸ್ಪರ್ಧೆ ಗೆದ್ದ ತಂಡಕ್ಕೆ ಪ್ರಶಸ್ತಿ ಹಾಗೂ ನಗದು ಬಹುಮಾನ ನೀಡಲಾಯಿತು.
ಮಂಜನಾಡಿ ರಿಫಾಯಿಯಾ ಮಸೀದಿಯಲ್ಲಿ ನಡೆದ ದಫ್ ಸ್ಪರ್ಧೆಯಲ್ಲಿ ವಿಜೇತ ಅಲ್-ಜಝೀರಾ ತಂಡ ಮತ್ತು ಅತಿಥಿಗಳು.
ಅಲ್-ಜಝೀರಾ ತಂಡಕ್ಕೆ ಪ್ರಶಸ್ತಿ
ಅಂತರ್ ರಾಜ್ಯ ಮಟ್ಟದ ದಫ್ ಸ್ಪರ್ಧೆ ಕಮಿಟಿಯ ಉಳ್ಳಾಲ-ಅಕ್ಕರೆಕೆರೆ ಅಲ್-ಜಝೀರಾ ದಫ್ ತಂಡ ಪ್ರಥಮ ಸ್ಥಾನ ಪಡೆದಿದೆ, ಗೌರವಾಂಗ ತಾಲೂಕ್ ತಂಡ ದ್ವಿತೀಯ ಸ್ಥಾನ ಹಾಗೂ ಕೊಣಾಜೆ ಮುಹಿಯುದ್ದೀನ್ ದಫ್ ತಂಡ ತೃತೀಯ ಸ್ಥಾನ ಪಡೆದುಕೊಂಡಿತು.
ಹಿಂದೆ ಅಲ್-ಜಝೀರಾ ತಂಡ ರಾಜ್ಯ ಹಾಗೂ ರಾಷ್ಟ್ರಮಟ್ಟದಲ್ಲಿಯೂ ಸಾಧನೆ ಮಾಡಿದೆ. ಈ ಬಾರಿಯ ವಿಜೇತ ತಂಡಕ್ಕೆ ಸ್ಮರಣಿಕೆ ಮತ್ತು ಪ್ರಮಾಣ ಪತ್ರ ನೀಡಲಾಯಿತು.
ಅಧ್ಯಕ್ಷ ಸಮಾಜ, ಸೇಕ್ರೆಡ್ ಮಂಡಳಿ ಸದಸ್ಯರಾದ ಅಬ್ದುಲ್ ರಹ್ಮಾನ್, ಇಬ್ರಾಹಿಂ, ಹನೀಫ್, ಸಿದ್ದೀಕ್ ಮೊದಲಾದವರು ಉಪಸ್ಥಿತರಿದ್ದರು. ಕಾರ್ಯಕ್ರಮದಲ್ಲಿ ಹಲವು ಗಣ್ಯರು ಭಾಗವಹಿಸಿದ್ದರು. ಸಂಜೆ ನಡೆದ ಸಮಾರೋಪ ಸಮಾರಂಭದಲ್ಲಿ ಬಹುಮಾನ ವಿತರಣೆ ಮಾಡಲಾಯಿತು.
ಮೌಲಾನಾ ಅಬ್ದುಲ್ ಲತೀಫ್ ನೇತೃತ್ವದಲ್ಲಿ ದುಆ ಕಾರ್ಯಕ್ರಮ ನೆರವೇರಿತು. ಸ್ಪರ್ಧೆಯ ತೀರ್ಪುಗಾರರಾಗಿ ಕೊಣಾಜೆ ಮೌಲವಿ ಹಾಗೂ ಇನ್ನಿತರರು ಕಾರ್ಯನಿರ್ವಹಿಸಿದರು. ಶಿಸ್ತುಬದ್ಧ ಪ್ರದರ್ಶನ ನೀಡಿದ ಎಲ್ಲ ತಂಡಗಳಿಗೆ ಪ್ರೋತ್ಸಾಹಕ ಬಹುಮಾನ ನೀಡಲಾಯಿತು.
ಸ್ವಾಗತವನ್ನು ಕಾರ್ಯದರ್ಶಿ ಮಾಡಿದರು. ಅಧ್ಯಕ್ಷೀಯ ಭಾಷಣವನ್ನು ಕಮಿಟಿ ಅಧ್ಯಕ್ಷರು ಮಾಡಿದರು. ವಂದನಾರ್ಪಣೆಯನ್ನು ಖಜಾಂಚಿ ನೆರವೇರಿಸಿದರು. ಸಹಸ್ರಾರು ಮಂದಿ ಕಾರ್ಯಕ್ರಮದಲ್ಲಿ ಪಾಲ್ಗೊಂಡಿದ್ದರು.
ಅಲ್-ಜಝೀರಾ ತಂಡ ಮೊದಲ ಬಹುಮಾನ ಪಡೆಯಿತು. ಮುದರೆಸ್ ಅಬ್ದುಲ್ ಬಾಬು ಮೂಸಾ ಅವರಿಗೆ ಪ್ರಥಮ ಸ್ಥಾನ ನೀಡಲಾಯಿತು. ಸ್ಪರ್ಧೆಯಲ್ಲಿ ಒಟ್ಟು 12 ತಂಡಗಳು ಭಾಗವಹಿಸಿದ್ದವು. ದಫ್ ಕಮಿಟಿ ಗೌರವಾಧ್ಯಕ್ಷ ಉಪಸ್ಥಿತರಿದ್ದರು. ಈ ವೇಳೆ ಸ್ಪರ್ಧೆ ಗೆದ್ದ ತಂಡಕ್ಕೆ ಪ್ರಶಸ್ತಿ ಹಾಗೂ ನಗದು ಬಹುಮಾನ ನೀಡಲಾಯಿತು.
ಕಾಂಗ್ರೆಸ್ ಮ್ಯಾನೇಜರ್ ಅಬ್ದುಲ್ ಖಾದರ್ ಫಯಾಝ್ ಹಾಗೂ ಚಿಟ್ಟಾಡಿ ಜಮೀಯ್ಯತುಲ್ ಅನ್ಸಾರ್ ನಗರ ಬಿಲಾಲ್ ಮಸೀದಿ ಇಮಾಂ ದಕ್ಷಿಣ ಕನ್ನಡ ಮತ್ತು ಉಡುಪಿ ಜಿಲ್ಲಾ ಗ್ರಾಮ ಸದಸ್ಯರಾದ ಇಲ್ಯಾಸ್ ಮೇಗಿನಮನೆ, ಕಾರ್ಯಕ್ರಮ ನಿರೂಪಿಸಿದರು.
